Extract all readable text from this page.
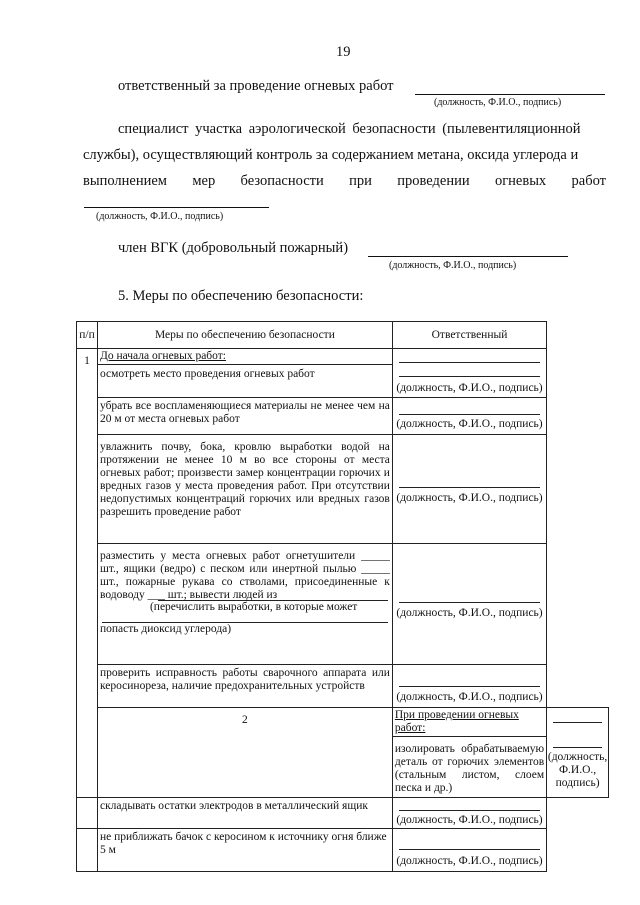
19
ответственный за проведение огневых работ
(должность, Ф.И.О., подпись)
специалист участка аэрологической безопасности (пылевентиляционной
службы), осуществляющий контроль за содержанием метана, оксида углерода и
выполнением мер безопасности при проведении огневых работ
(должность, Ф.И.О., подпись)
член ВГК (добровольный пожарный)
(должность, Ф.И.О., подпись)
5. Меры по обеспечению безопасности:
п/п	Меры по обеспечению безопасности	Ответственный	
1	До начала огневых работ:
осмотреть место проведения огневых работ	(должность, Ф.И.О., подпись)	

	убрать все воспламеняющиеся материалы не менее чем на 20 м от места огневых работ	(должность, Ф.И.О., подпись)	

	увлажнить почву, бока, кровлю выработки водой на протяжении не менее 10 м во все стороны от места огневых работ; произвести замер концентрации горючих и вредных газов у места проведения работ. При отсутствии недопустимых концентраций горючих или вредных газов разрешить проведение работ	(должность, Ф.И.О., подпись)	

	разместить у места огневых работ огнетушители _____ шт., ящики (ведро) с песком или инертной пылью _____ шт., пожарные рукава со стволами, присоединенные к водоводу ___ шт.; вывести людей из
(перечислить выработки, в которые может
попасть диоксид углерода)	(должность, Ф.И.О., подпись)	

	проверить исправность работы сварочного аппарата или керосинореза, наличие предохранительных устройств	(должность, Ф.И.О., подпись)	

	2	При проведении огневых работ:
изолировать обрабатываемую деталь от горючих элементов (стальным листом, слоем песка и др.)	(должность, Ф.И.О., подпись)

	складывать остатки электродов в металлический ящик	(должность, Ф.И.О., подпись)	

	не приближать бачок с керосином к источнику огня ближе 5 м	(должность, Ф.И.О., подпись)	
